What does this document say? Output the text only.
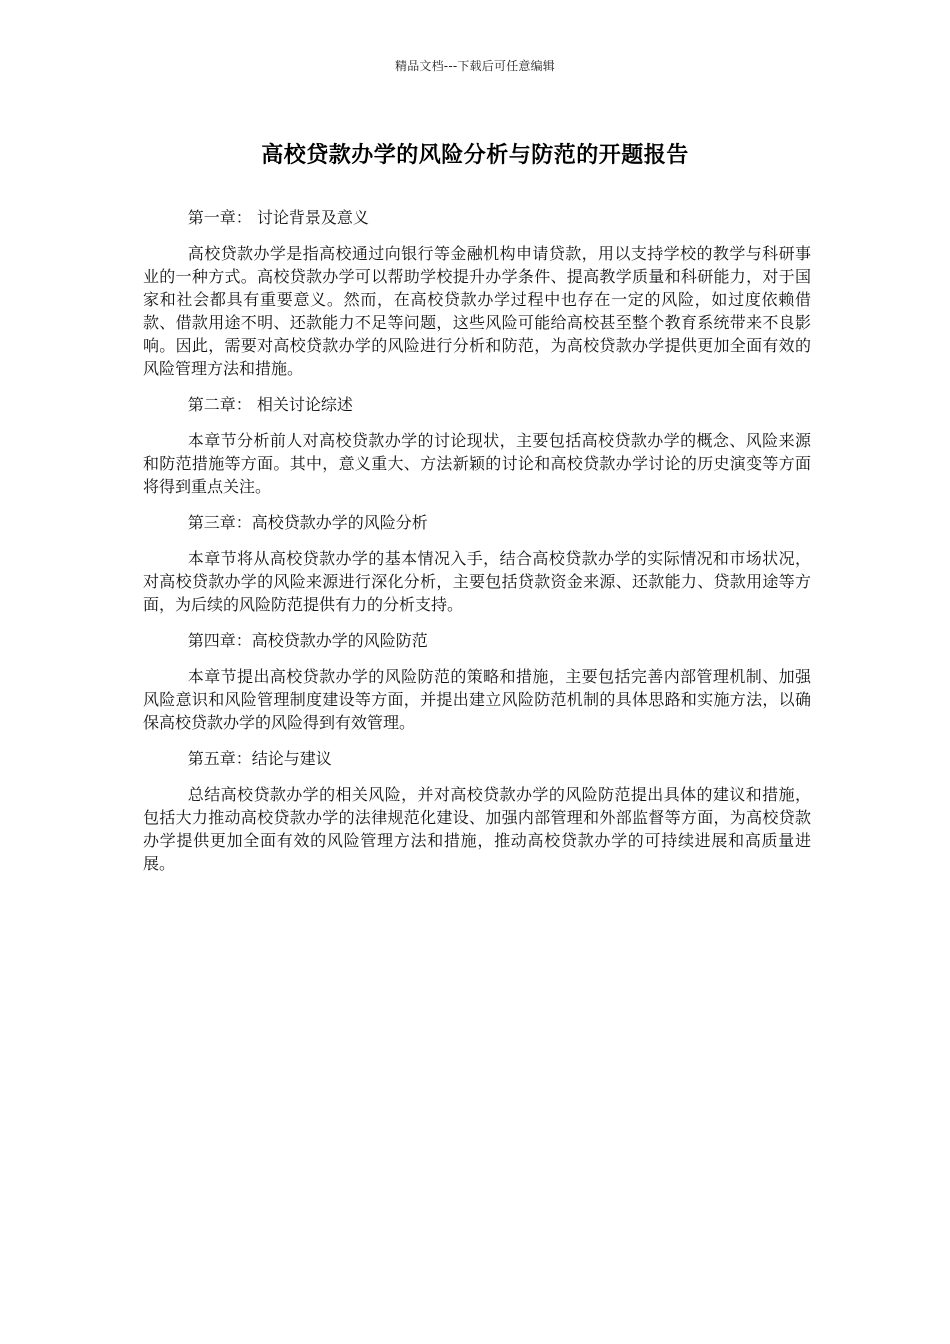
精品文档---下载后可任意编辑
高校贷款办学的风险分析与防范的开题报告

第一章： 讨论背景及意义

高校贷款办学是指高校通过向银行等金融机构申请贷款，用以支持学校的教学与科研事业的一种方式。高校贷款办学可以帮助学校提升办学条件、提高教学质量和科研能力，对于国家和社会都具有重要意义。然而，在高校贷款办学过程中也存在一定的风险，如过度依赖借款、借款用途不明、还款能力不足等问题，这些风险可能给高校甚至整个教育系统带来不良影响。因此，需要对高校贷款办学的风险进行分析和防范，为高校贷款办学提供更加全面有效的风险管理方法和措施。

第二章： 相关讨论综述

本章节分析前人对高校贷款办学的讨论现状，主要包括高校贷款办学的概念、风险来源和防范措施等方面。其中，意义重大、方法新颖的讨论和高校贷款办学讨论的历史演变等方面将得到重点关注。

第三章：高校贷款办学的风险分析

本章节将从高校贷款办学的基本情况入手，结合高校贷款办学的实际情况和市场状况，对高校贷款办学的风险来源进行深化分析，主要包括贷款资金来源、还款能力、贷款用途等方面，为后续的风险防范提供有力的分析支持。

第四章：高校贷款办学的风险防范

本章节提出高校贷款办学的风险防范的策略和措施，主要包括完善内部管理机制、加强风险意识和风险管理制度建设等方面，并提出建立风险防范机制的具体思路和实施方法，以确保高校贷款办学的风险得到有效管理。

第五章：结论与建议

总结高校贷款办学的相关风险，并对高校贷款办学的风险防范提出具体的建议和措施，包括大力推动高校贷款办学的法律规范化建设、加强内部管理和外部监督等方面，为高校贷款办学提供更加全面有效的风险管理方法和措施，推动高校贷款办学的可持续进展和高质量进展。
